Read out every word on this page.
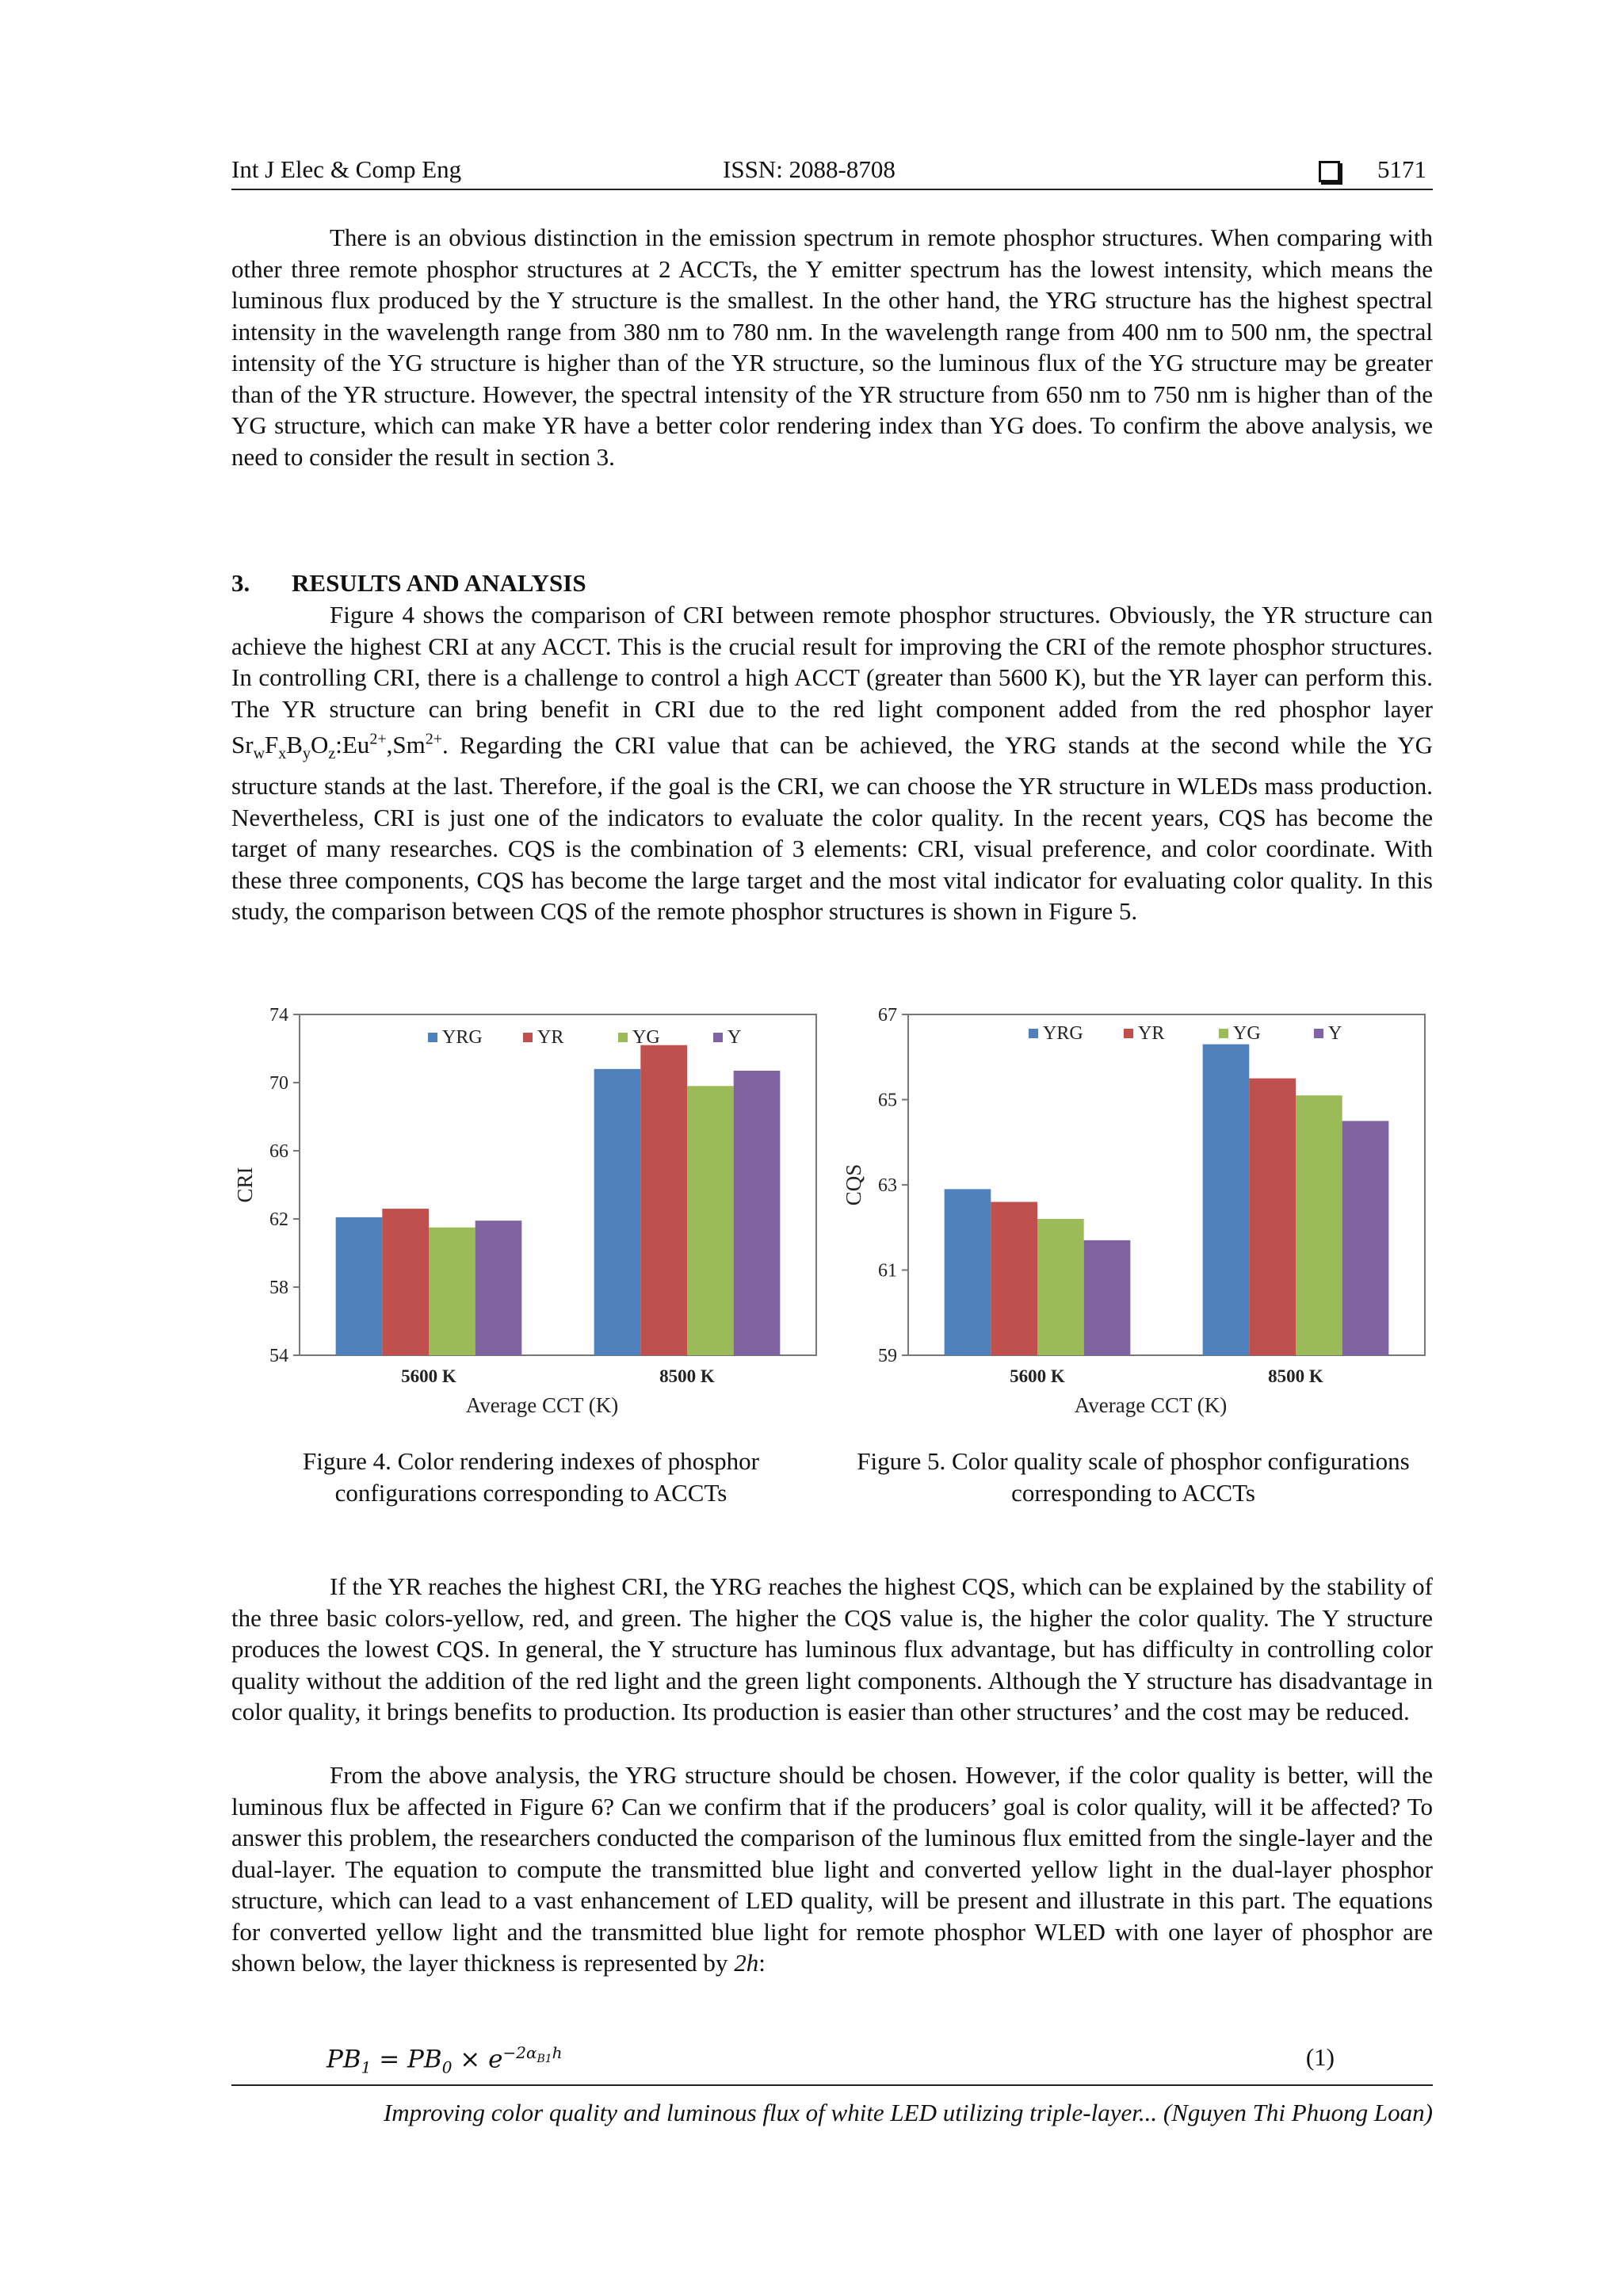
Int J Elec & Comp Eng	ISSN: 2088-8708	5171

There is an obvious distinction in the emission spectrum in remote phosphor structures. When comparing with other three remote phosphor structures at 2 ACCTs, the Y emitter spectrum has the lowest intensity, which means the luminous flux produced by the Y structure is the smallest. In the other hand, the YRG structure has the highest spectral intensity in the wavelength range from 380 nm to 780 nm. In the wavelength range from 400 nm to 500 nm, the spectral intensity of the YG structure is higher than of the YR structure, so the luminous flux of the YG structure may be greater than of the YR structure. However, the spectral intensity of the YR structure from 650 nm to 750 nm is higher than of the YG structure, which can make YR have a better color rendering index than YG does. To confirm the above analysis, we need to consider the result in section 3.

3. RESULTS AND ANALYSIS

Figure 4 shows the comparison of CRI between remote phosphor structures. Obviously, the YR structure can achieve the highest CRI at any ACCT. This is the crucial result for improving the CRI of the remote phosphor structures. In controlling CRI, there is a challenge to control a high ACCT (greater than 5600 K), but the YR layer can perform this. The YR structure can bring benefit in CRI due to the red light component added from the red phosphor layer $Sr_wF_xB_yO_z:Eu^{2+},Sm^{2+}$. Regarding the CRI value that can be achieved, the YRG stands at the second while the YG structure stands at the last. Therefore, if the goal is the CRI, we can choose the YR structure in WLEDs mass production. Nevertheless, CRI is just one of the indicators to evaluate the color quality. In the recent years, CQS has become the target of many researches. CQS is the combination of 3 elements: CRI, visual preference, and color coordinate. With these three components, CQS has become the large target and the most vital indicator for evaluating color quality. In this study, the comparison between CQS of the remote phosphor structures is shown in Figure 5.

54
58
62
66
70
74
CRI
5600 K	8500 K
Average CCT (K)
YRG	YR	YG	Y
59
61
63
65
67
CQS
5600 K	8500 K
Average CCT (K)
YRG	YR	YG	Y
Figure 4. Color rendering indexes of phosphor configurations corresponding to ACCTs
Figure 5. Color quality scale of phosphor configurations corresponding to ACCTs

If the YR reaches the highest CRI, the YRG reaches the highest CQS, which can be explained by the stability of the three basic colors-yellow, red, and green. The higher the CQS value is, the higher the color quality. The Y structure produces the lowest CQS. In general, the Y structure has luminous flux advantage, but has difficulty in controlling color quality without the addition of the red light and the green light components. Although the Y structure has disadvantage in color quality, it brings benefits to production. Its production is easier than other structures’ and the cost may be reduced.

From the above analysis, the YRG structure should be chosen. However, if the color quality is better, will the luminous flux be affected in Figure 6? Can we confirm that if the producers’ goal is color quality, will it be affected? To answer this problem, the researchers conducted the comparison of the luminous flux emitted from the single-layer and the dual-layer. The equation to compute the transmitted blue light and converted yellow light in the dual-layer phosphor structure, which can lead to a vast enhancement of LED quality, will be present and illustrate in this part. The equations for converted yellow light and the transmitted blue light for remote phosphor WLED with one layer of phosphor are shown below, the layer thickness is represented by 2h:

$PB_1 = PB_0 \times e^{-2\alpha_{B1}h}$	(1)
Improving color quality and luminous flux of white LED utilizing triple-layer... (Nguyen Thi Phuong Loan)
